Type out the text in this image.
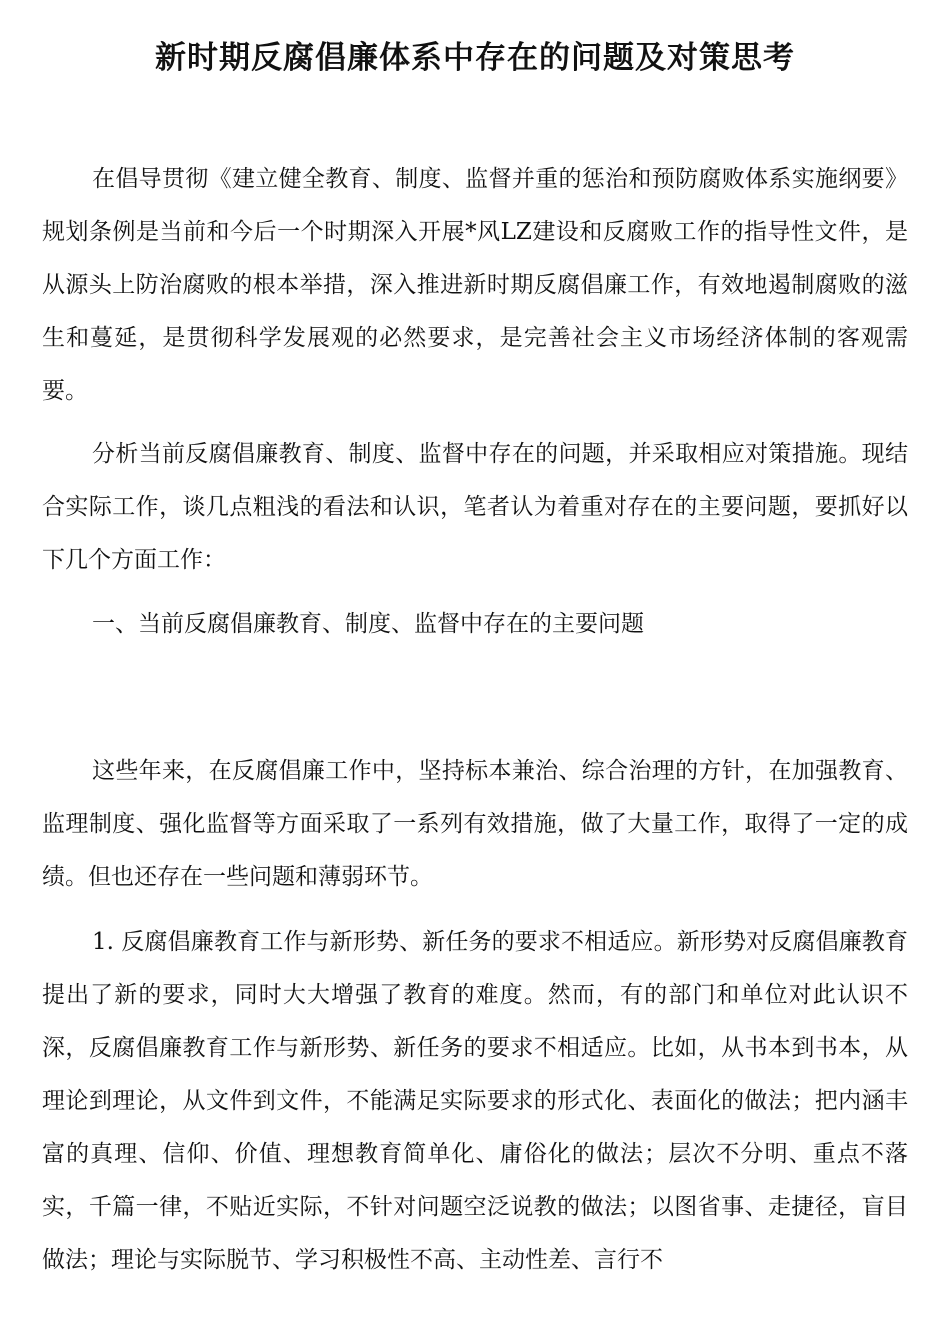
新时期反腐倡廉体系中存在的问题及对策思考

在倡导贯彻《建立健全教育、制度、监督并重的惩治和预防腐败体系实施纲要》规划条例是当前和今后一个时期深入开展*风LZ建设和反腐败工作的指导性文件，是从源头上防治腐败的根本举措，深入推进新时期反腐倡廉工作，有效地遏制腐败的滋生和蔓延，是贯彻科学发展观的必然要求，是完善社会主义市场经济体制的客观需要。

分析当前反腐倡廉教育、制度、监督中存在的问题，并采取相应对策措施。现结合实际工作，谈几点粗浅的看法和认识，笔者认为着重对存在的主要问题，要抓好以下几个方面工作：

一、当前反腐倡廉教育、制度、监督中存在的主要问题

这些年来，在反腐倡廉工作中，坚持标本兼治、综合治理的方针，在加强教育、监理制度、强化监督等方面采取了一系列有效措施，做了大量工作，取得了一定的成绩。但也还存在一些问题和薄弱环节。

1. 反腐倡廉教育工作与新形势、新任务的要求不相适应。新形势对反腐倡廉教育提出了新的要求，同时大大增强了教育的难度。然而，有的部门和单位对此认识不深，反腐倡廉教育工作与新形势、新任务的要求不相适应。比如，从书本到书本，从理论到理论，从文件到文件，不能满足实际要求的形式化、表面化的做法；把内涵丰富的真理、信仰、价值、理想教育简单化、庸俗化的做法；层次不分明、重点不落实，千篇一律，不贴近实际，不针对问题空泛说教的做法；以图省事、走捷径，盲目做法；理论与实际脱节、学习积极性不高、主动性差、言行不
